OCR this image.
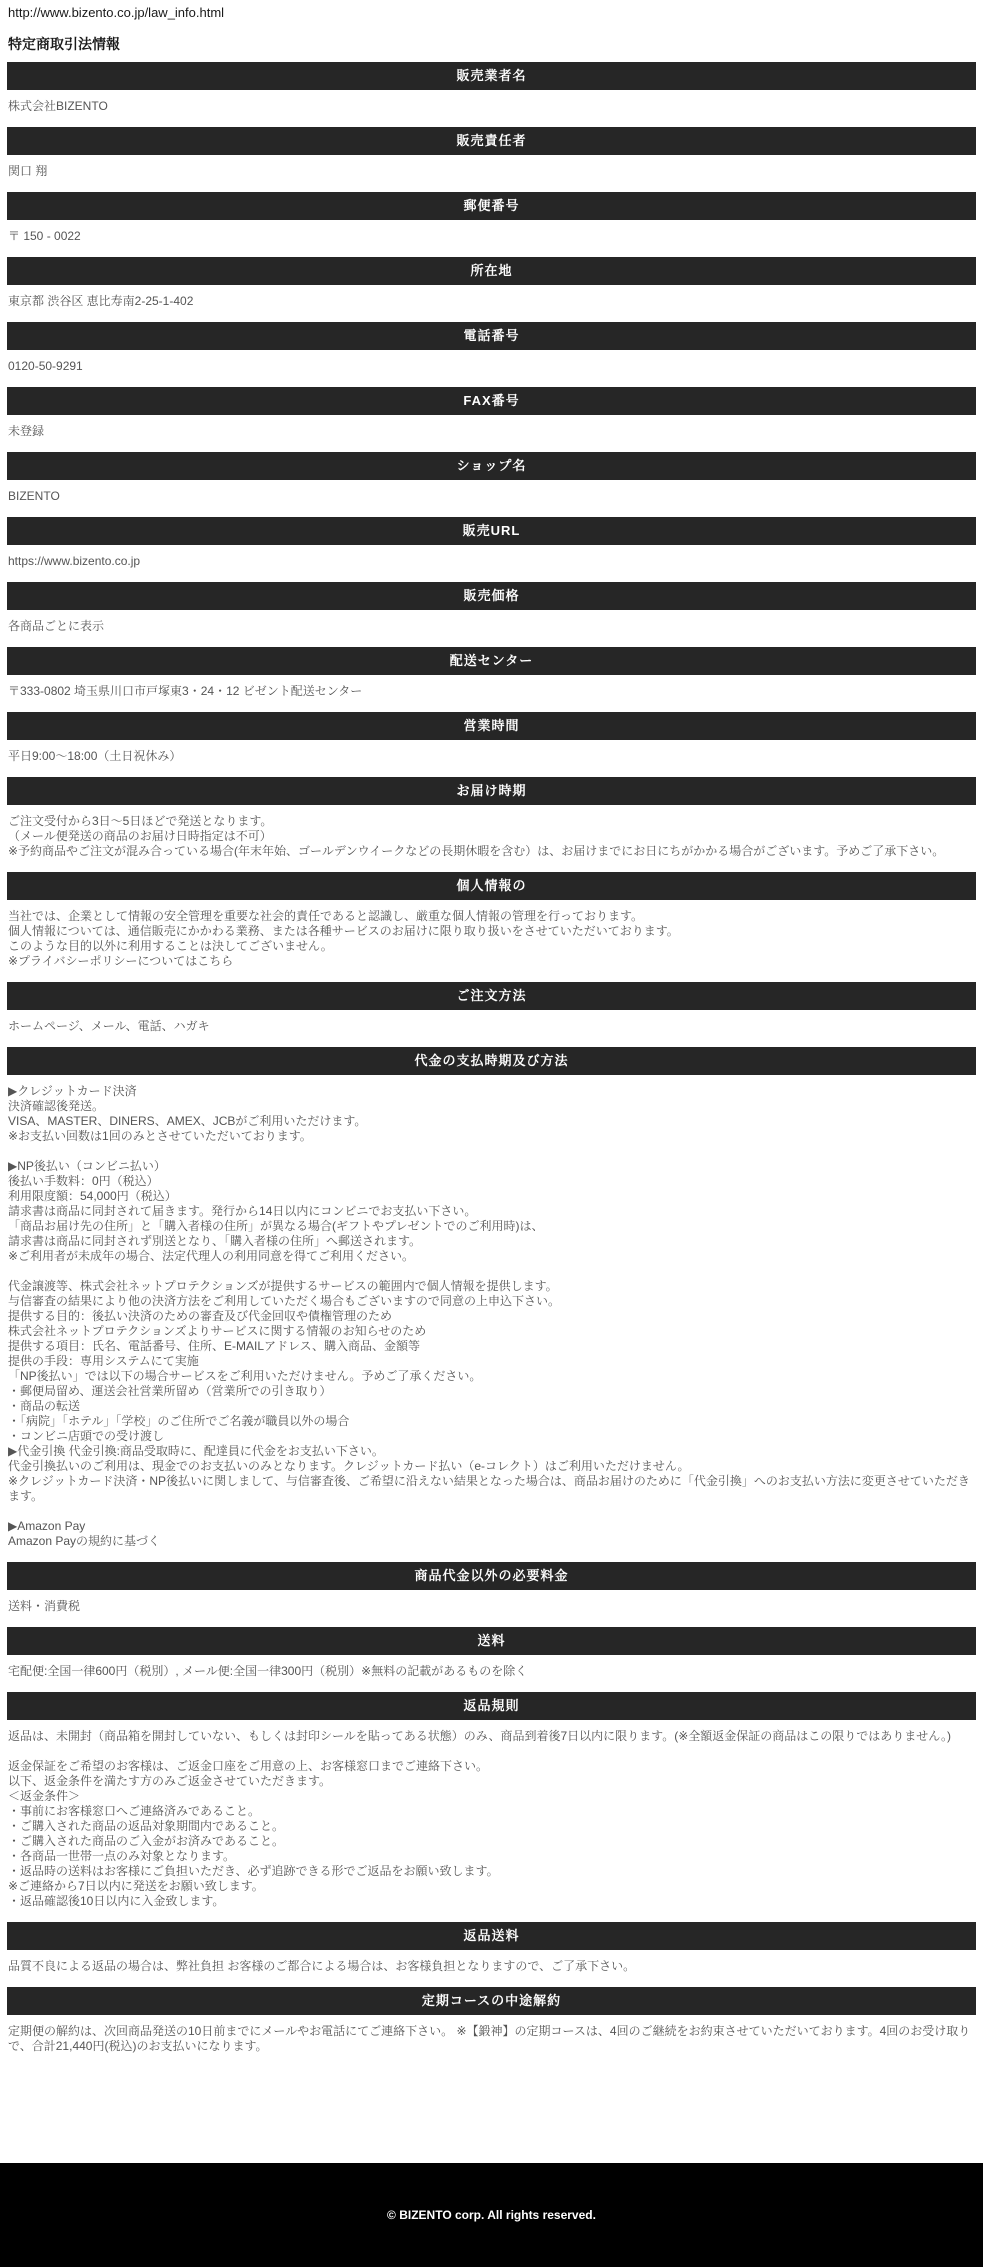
http://www.bizento.co.jp/law_info.html
特定商取引法情報
販売業者名
株式会社BIZENTO
販売責任者
関口 翔
郵便番号
〒 150 - 0022
所在地
東京都 渋谷区 恵比寿南2-25-1-402
電話番号
0120-50-9291
FAX番号
未登録
ショップ名
BIZENTO
販売URL
https://www.bizento.co.jp
販売価格
各商品ごとに表示
配送センター
〒333-0802 埼玉県川口市戸塚東3・24・12 ビゼント配送センター
営業時間
平日9:00〜18:00（土日祝休み）
お届け時期
ご注文受付から3日〜5日ほどで発送となります。
（メール便発送の商品のお届け日時指定は不可）
※予約商品やご注文が混み合っている場合(年末年始、ゴールデンウイークなどの長期休暇を含む）は、お届けまでにお日にちがかかる場合がございます。予めご了承下さい。
個人情報の
当社では、企業として情報の安全管理を重要な社会的責任であると認識し、厳重な個人情報の管理を行っております。
個人情報については、通信販売にかかわる業務、または各種サービスのお届けに限り取り扱いをさせていただいております。
このような目的以外に利用することは決してございません。
※プライバシーポリシーについてはこちら
ご注文方法
ホームページ、メール、電話、ハガキ
代金の支払時期及び方法
▶クレジットカード決済
決済確認後発送。
VISA、MASTER、DINERS、AMEX、JCBがご利用いただけます。
※お支払い回数は1回のみとさせていただいております。
▶NP後払い（コンビニ払い）
後払い手数料：0円（税込）
利用限度額：54,000円（税込）
請求書は商品に同封されて届きます。発行から14日以内にコンビニでお支払い下さい。
「商品お届け先の住所」と「購入者様の住所」が異なる場合(ギフトやプレゼントでのご利用時)は、
請求書は商品に同封されず別送となり、「購入者様の住所」へ郵送されます。
※ご利用者が未成年の場合、法定代理人の利用同意を得てご利用ください。
代金譲渡等、株式会社ネットプロテクションズが提供するサービスの範囲内で個人情報を提供します。
与信審査の結果により他の決済方法をご利用していただく場合もございますので同意の上申込下さい。
提供する目的：後払い決済のための審査及び代金回収や債権管理のため
株式会社ネットプロテクションズよりサービスに関する情報のお知らせのため
提供する項目：氏名、電話番号、住所、E-MAILアドレス、購入商品、金額等
提供の手段：専用システムにて実施
「NP後払い」では以下の場合サービスをご利用いただけません。予めご了承ください。
・郵便局留め、運送会社営業所留め（営業所での引き取り）
・商品の転送
・「病院」「ホテル」「学校」のご住所でご名義が職員以外の場合
・コンビニ店頭での受け渡し
▶代金引換 代金引換:商品受取時に、配達員に代金をお支払い下さい。
代金引換払いのご利用は、現金でのお支払いのみとなります。クレジットカード払い（e-コレクト）はご利用いただけません。
※クレジットカード決済・NP後払いに関しまして、与信審査後、ご希望に沿えない結果となった場合は、商品お届けのために「代金引換」へのお支払い方法に変更させていただきます。
▶Amazon Pay
Amazon Payの規約に基づく
商品代金以外の必要料金
送料・消費税
送料
宅配便:全国一律600円（税別）, メール便:全国一律300円（税別）※無料の記載があるものを除く
返品規則
返品は、未開封（商品箱を開封していない、もしくは封印シールを貼ってある状態）のみ、商品到着後7日以内に限ります。(※全額返金保証の商品はこの限りではありません。)
返金保証をご希望のお客様は、ご返金口座をご用意の上、お客様窓口までご連絡下さい。
以下、返金条件を満たす方のみご返金させていただきます。
＜返金条件＞
・事前にお客様窓口へご連絡済みであること。
・ご購入された商品の返品対象期間内であること。
・ご購入された商品のご入金がお済みであること。
・各商品一世帯一点のみ対象となります。
・返品時の送料はお客様にご負担いただき、必ず追跡できる形でご返品をお願い致します。
※ご連絡から7日以内に発送をお願い致します。
・返品確認後10日以内に入金致します。
返品送料
品質不良による返品の場合は、弊社負担 お客様のご都合による場合は、お客様負担となりますので、ご了承下さい。
定期コースの中途解約
定期便の解約は、次回商品発送の10日前までにメールやお電話にてご連絡下さい。 ※【鍛神】の定期コースは、4回のご継続をお約束させていただいております。4回のお受け取りで、合計21,440円(税込)のお支払いになります。
© BIZENTO corp. All rights reserved.
